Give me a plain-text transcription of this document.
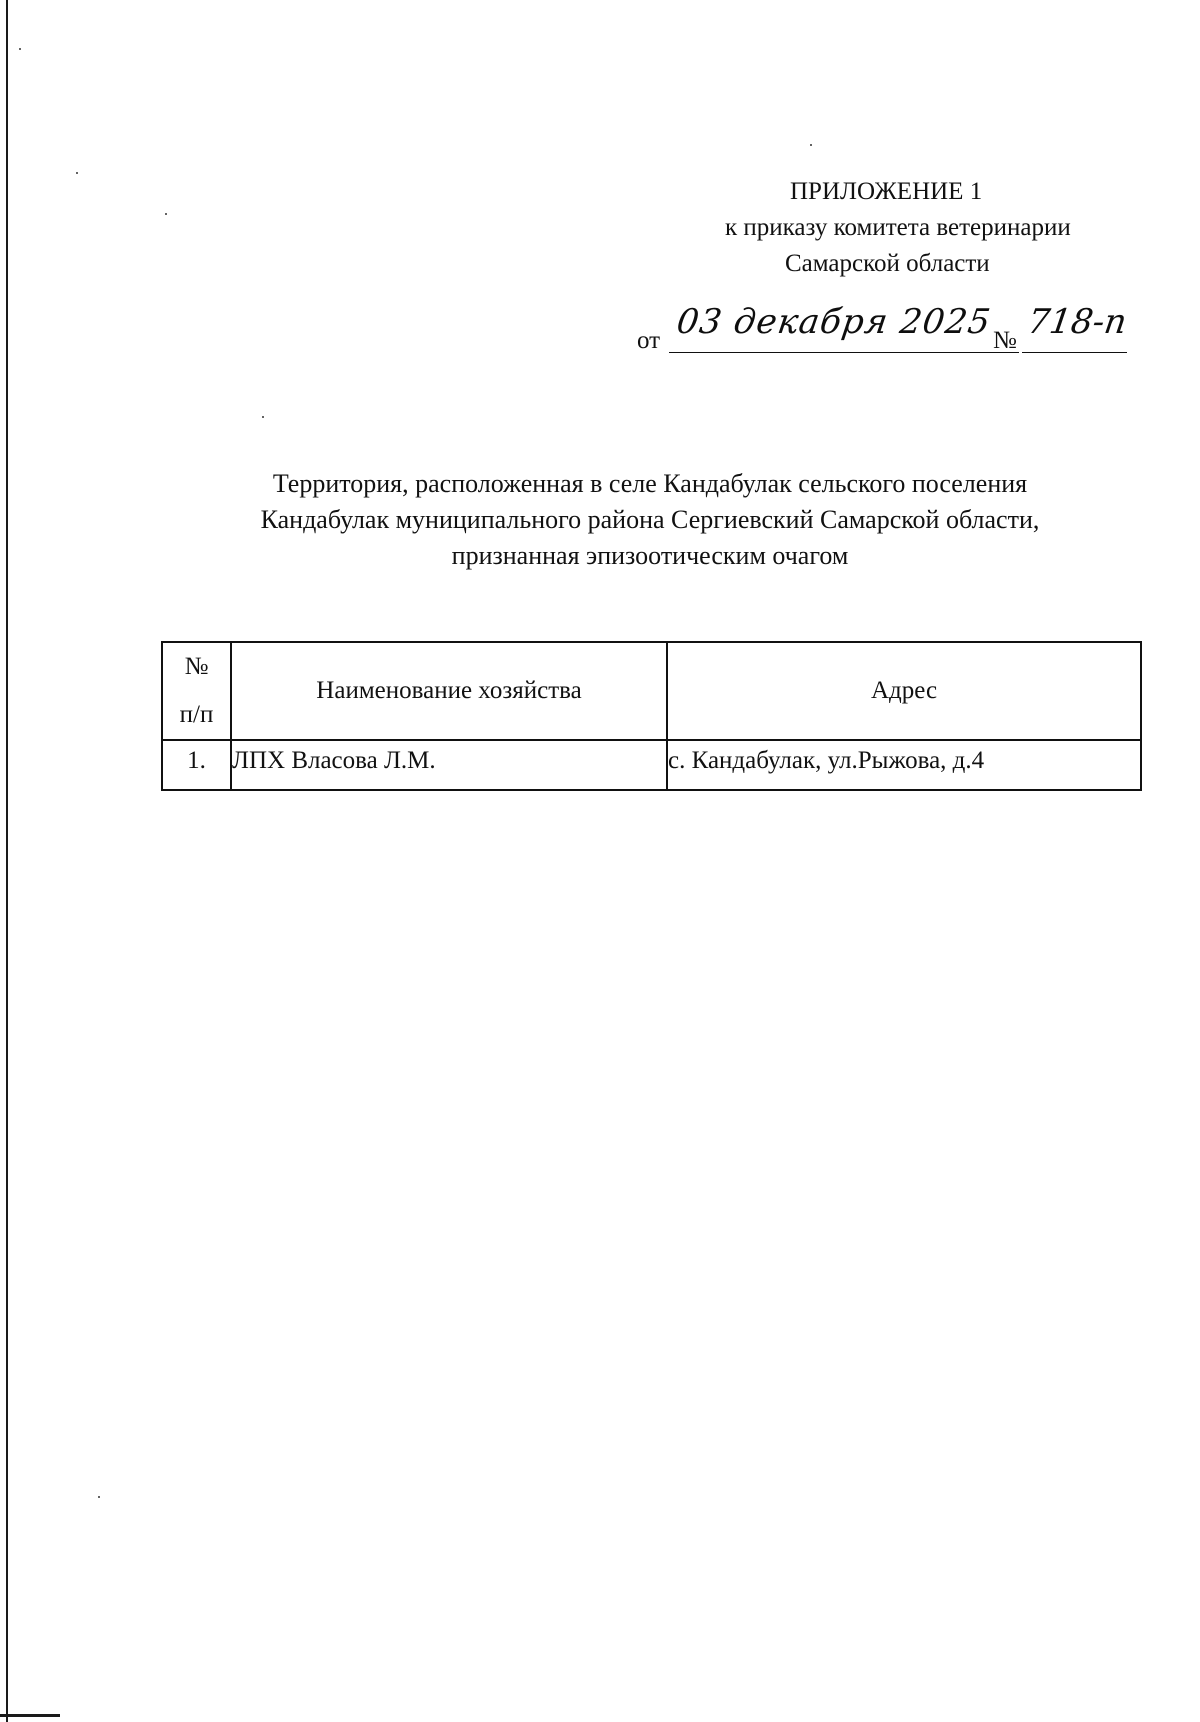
ПРИЛОЖЕНИЕ 1
к приказу комитета ветеринарии
Самарской области
от 03 декабря 2025 № 718-п
Территория, расположенная в селе Кандабулак сельского поселения
Кандабулак муниципального района Сергиевский Самарской области,
признанная эпизоотическим очагом
№
п/п	Наименование хозяйства	Адрес
1.	ЛПХ Власова Л.М.	с. Кандабулак, ул.Рыжова, д.4
